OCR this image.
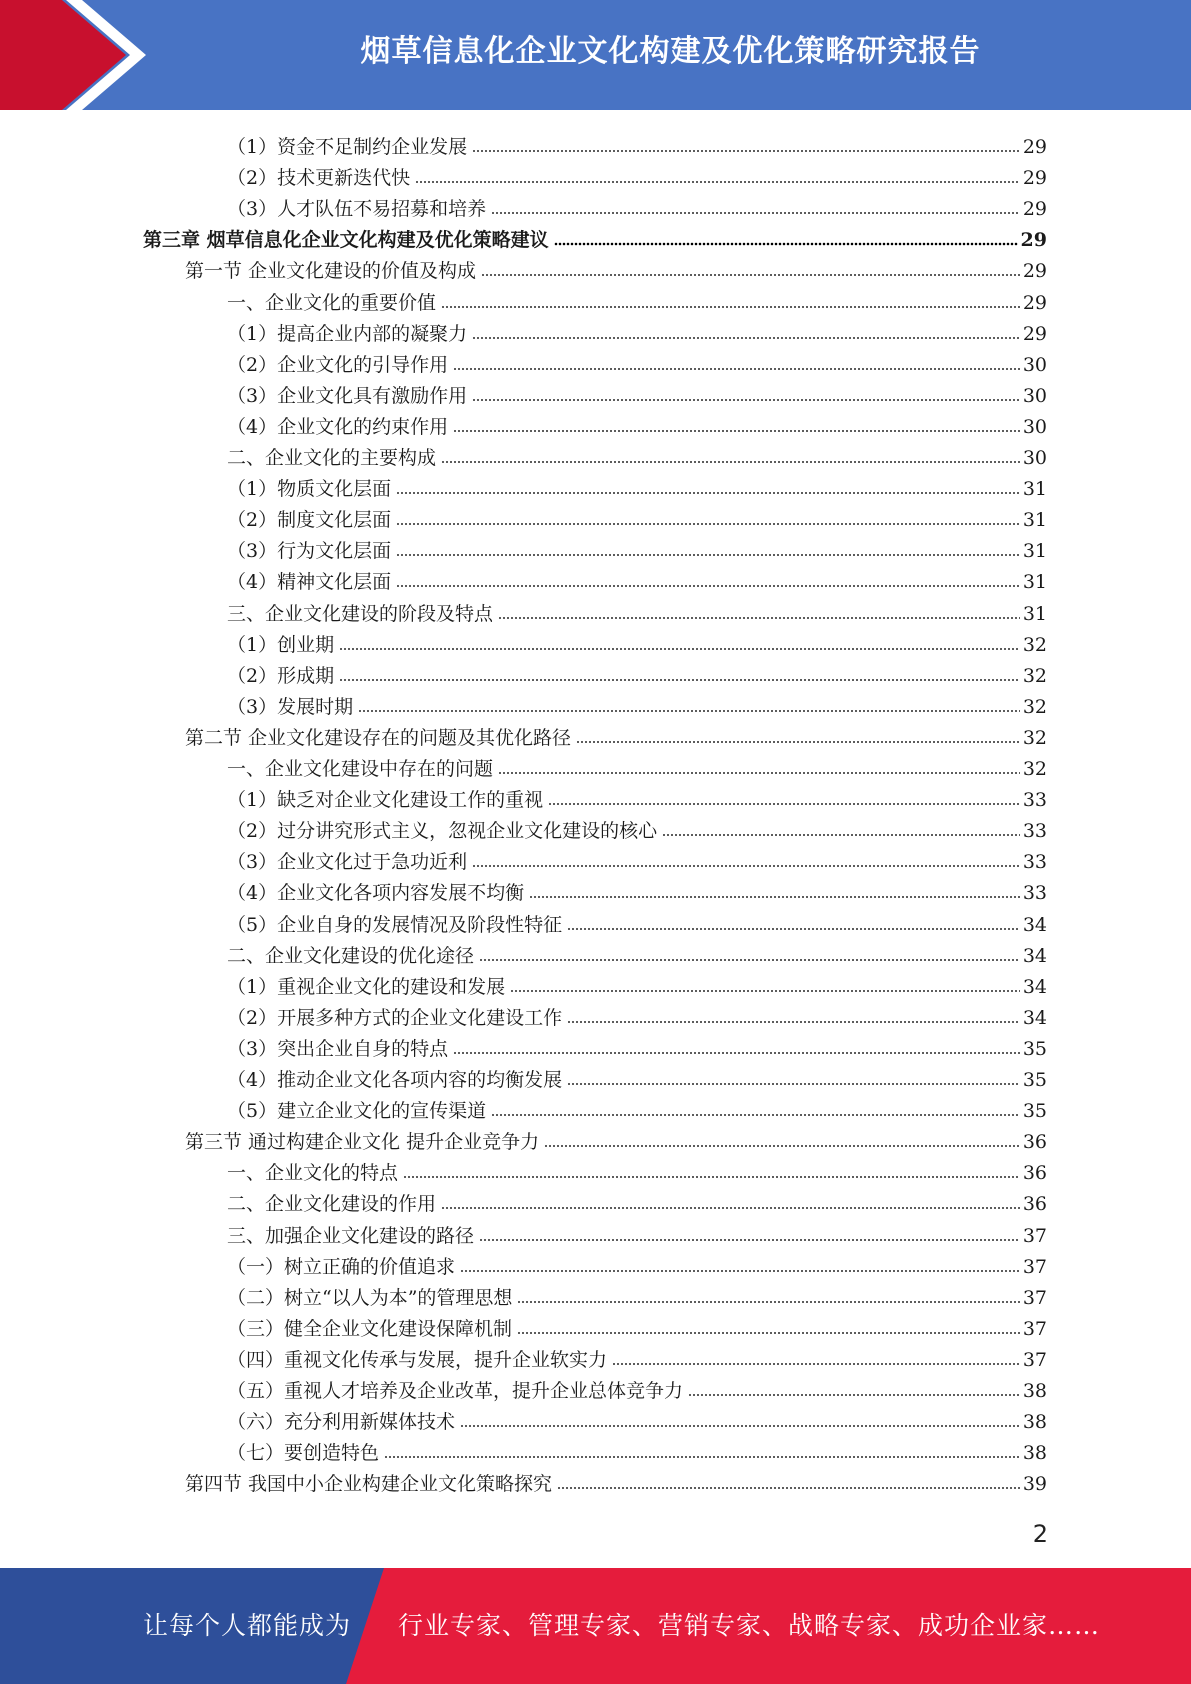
烟草信息化企业文化构建及优化策略研究报告
（1）资金不足制约企业发展	29
（2）技术更新迭代快	29
（3）人才队伍不易招募和培养	29
第三章 烟草信息化企业文化构建及优化策略建议	29
第一节 企业文化建设的价值及构成	29
一、企业文化的重要价值	29
（1）提高企业内部的凝聚力	29
（2）企业文化的引导作用	30
（3）企业文化具有激励作用	30
（4）企业文化的约束作用	30
二、企业文化的主要构成	30
（1）物质文化层面	31
（2）制度文化层面	31
（3）行为文化层面	31
（4）精神文化层面	31
三、企业文化建设的阶段及特点	31
（1）创业期	32
（2）形成期	32
（3）发展时期	32
第二节 企业文化建设存在的问题及其优化路径	32
一、企业文化建设中存在的问题	32
（1）缺乏对企业文化建设工作的重视	33
（2）过分讲究形式主义，忽视企业文化建设的核心	33
（3）企业文化过于急功近利	33
（4）企业文化各项内容发展不均衡	33
（5）企业自身的发展情况及阶段性特征	34
二、企业文化建设的优化途径	34
（1）重视企业文化的建设和发展	34
（2）开展多种方式的企业文化建设工作	34
（3）突出企业自身的特点	35
（4）推动企业文化各项内容的均衡发展	35
（5）建立企业文化的宣传渠道	35
第三节 通过构建企业文化 提升企业竞争力	36
一、企业文化的特点	36
二、企业文化建设的作用	36
三、加强企业文化建设的路径	37
（一）树立正确的价值追求	37
（二）树立“以人为本”的管理思想	37
（三）健全企业文化建设保障机制	37
（四）重视文化传承与发展，提升企业软实力	37
（五）重视人才培养及企业改革，提升企业总体竞争力	38
（六）充分利用新媒体技术	38
（七）要创造特色	38
第四节 我国中小企业构建企业文化策略探究	39
2
让每个人都能成为 行业专家、管理专家、营销专家、战略专家、成功企业家……
